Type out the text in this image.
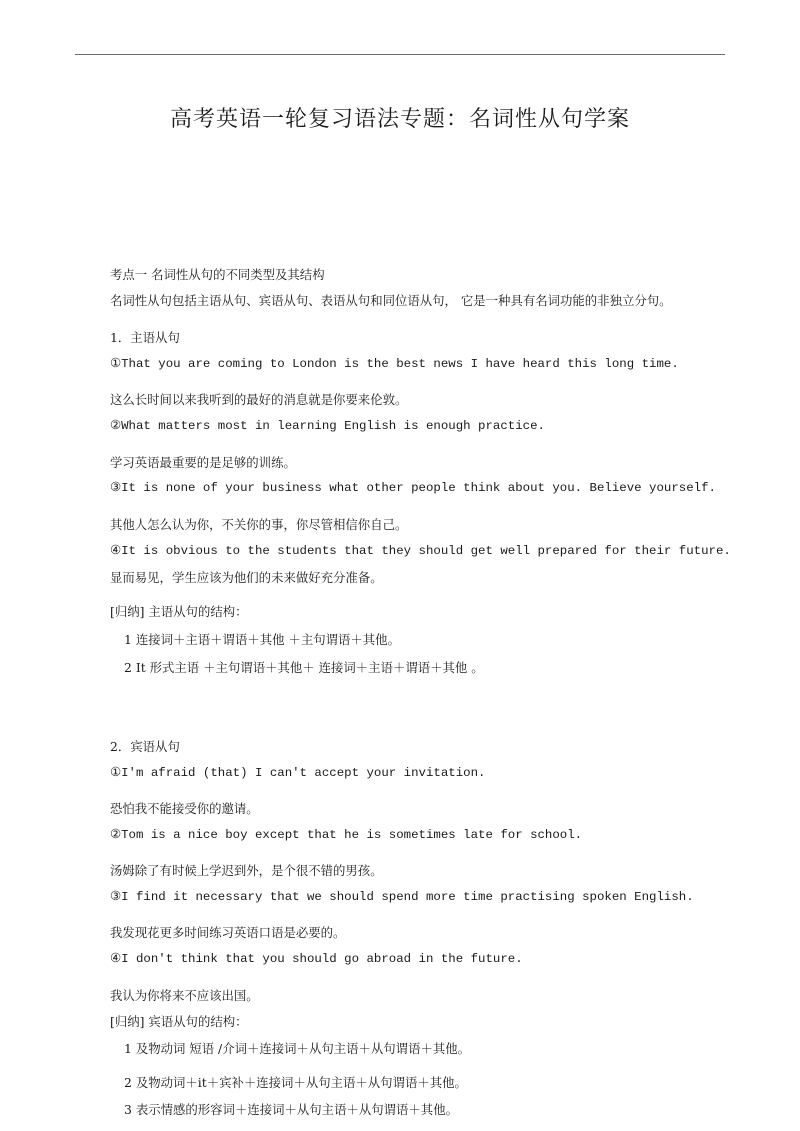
高考英语一轮复习语法专题：名词性从句学案
考点一 名词性从句的不同类型及其结构
名词性从句包括主语从句、宾语从句、表语从句和同位语从句， 它是一种具有名词功能的非独立分句。
1．主语从句
①That you are coming to London is the best news I have heard this long time.
这么长时间以来我听到的最好的消息就是你要来伦敦。
②What matters most in learning English is enough practice.
学习英语最重要的是足够的训练。
③It is none of your business what other people think about you. Believe yourself.
其他人怎么认为你，不关你的事，你尽管相信你自己。
④It is obvious to the students that they should get well prepared for their future.
显而易见，学生应该为他们的未来做好充分准备。
[归纳] 主语从句的结构：
1 连接词＋主语＋谓语＋其他 ＋主句谓语＋其他。
2 It 形式主语 ＋主句谓语＋其他＋ 连接词＋主语＋谓语＋其他 。
2．宾语从句
①I'm afraid (that) I can't accept your invitation.
恐怕我不能接受你的邀请。
②Tom is a nice boy except that he is sometimes late for school.
汤姆除了有时候上学迟到外，是个很不错的男孩。
③I find it necessary that we should spend more time practising spoken English.
我发现花更多时间练习英语口语是必要的。
④I don't think that you should go abroad in the future.
我认为你将来不应该出国。
[归纳] 宾语从句的结构：
1 及物动词 短语 /介词＋连接词＋从句主语＋从句谓语＋其他。
2 及物动词＋it＋宾补＋连接词＋从句主语＋从句谓语＋其他。
3 表示情感的形容词＋连接词＋从句主语＋从句谓语＋其他。
